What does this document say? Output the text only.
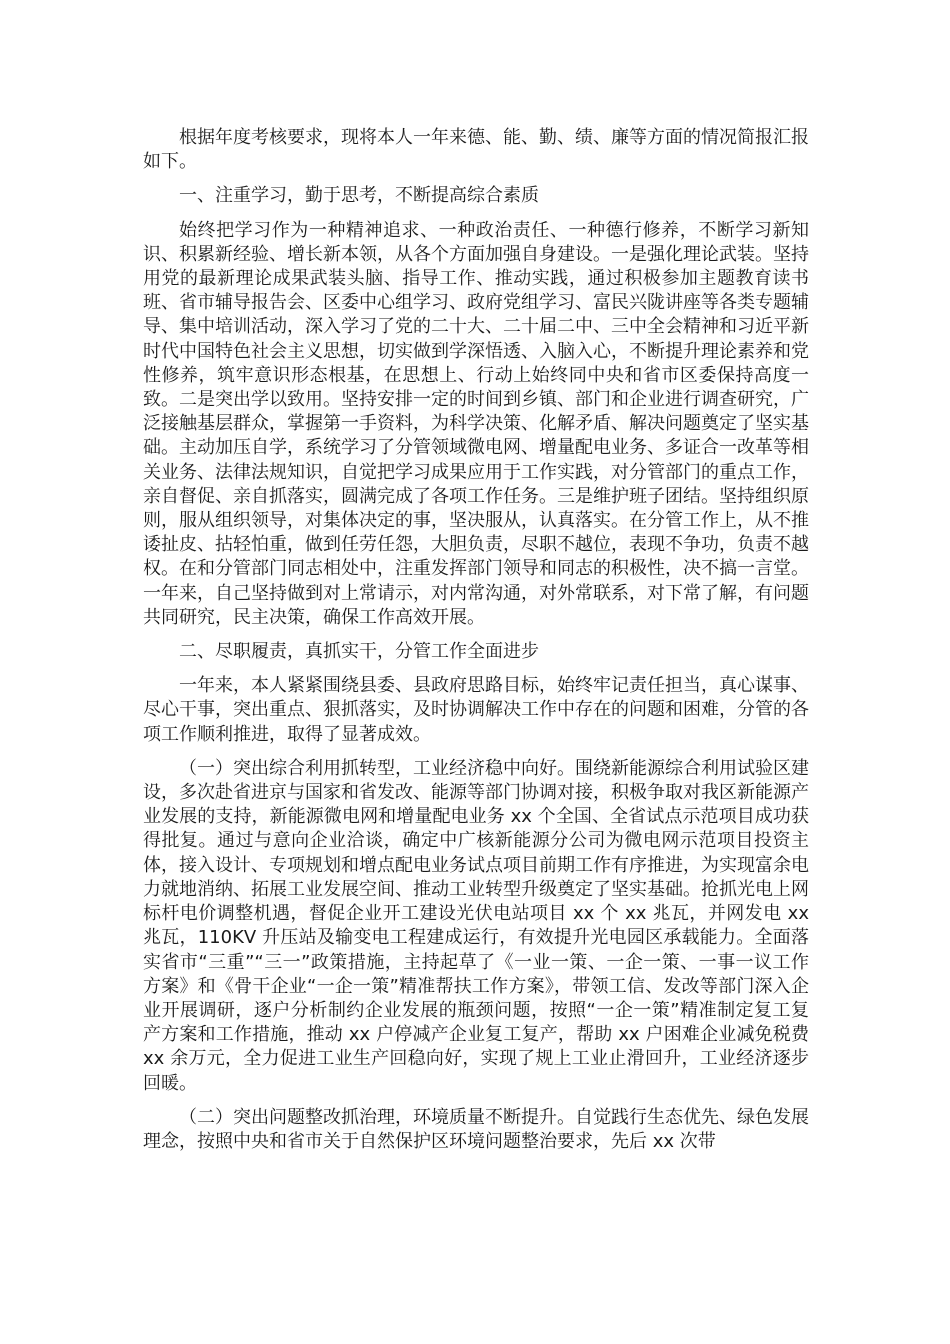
根据年度考核要求，现将本人一年来德、能、勤、绩、廉等方面的情况简报汇报如下。

一、注重学习，勤于思考，不断提高综合素质

始终把学习作为一种精神追求、一种政治责任、一种德行修养，不断学习新知识、积累新经验、增长新本领，从各个方面加强自身建设。一是强化理论武装。坚持用党的最新理论成果武装头脑、指导工作、推动实践，通过积极参加主题教育读书班、省市辅导报告会、区委中心组学习、政府党组学习、富民兴陇讲座等各类专题辅导、集中培训活动，深入学习了党的二十大、二十届二中、三中全会精神和习近平新时代中国特色社会主义思想，切实做到学深悟透、入脑入心，不断提升理论素养和党性修养，筑牢意识形态根基，在思想上、行动上始终同中央和省市区委保持高度一致。二是突出学以致用。坚持安排一定的时间到乡镇、部门和企业进行调查研究，广泛接触基层群众，掌握第一手资料，为科学决策、化解矛盾、解决问题奠定了坚实基础。主动加压自学，系统学习了分管领域微电网、增量配电业务、多证合一改革等相关业务、法律法规知识，自觉把学习成果应用于工作实践，对分管部门的重点工作，亲自督促、亲自抓落实，圆满完成了各项工作任务。三是维护班子团结。坚持组织原则，服从组织领导，对集体决定的事，坚决服从，认真落实。在分管工作上，从不推诿扯皮、拈轻怕重，做到任劳任怨，大胆负责，尽职不越位，表现不争功，负责不越权。在和分管部门同志相处中，注重发挥部门领导和同志的积极性，决不搞一言堂。一年来，自己坚持做到对上常请示，对内常沟通，对外常联系，对下常了解，有问题共同研究，民主决策，确保工作高效开展。

二、尽职履责，真抓实干，分管工作全面进步

一年来，本人紧紧围绕县委、县政府思路目标，始终牢记责任担当，真心谋事、尽心干事，突出重点、狠抓落实，及时协调解决工作中存在的问题和困难，分管的各项工作顺利推进，取得了显著成效。

（一）突出综合利用抓转型，工业经济稳中向好。围绕新能源综合利用试验区建设，多次赴省进京与国家和省发改、能源等部门协调对接，积极争取对我区新能源产业发展的支持，新能源微电网和增量配电业务 xx 个全国、全省试点示范项目成功获得批复。通过与意向企业洽谈，确定中广核新能源分公司为微电网示范项目投资主体，接入设计、专项规划和增点配电业务试点项目前期工作有序推进，为实现富余电力就地消纳、拓展工业发展空间、推动工业转型升级奠定了坚实基础。抢抓光电上网标杆电价调整机遇，督促企业开工建设光伏电站项目 xx 个 xx 兆瓦，并网发电 xx 兆瓦，110KV 升压站及输变电工程建成运行，有效提升光电园区承载能力。全面落实省市“三重”“三一”政策措施，主持起草了《一业一策、一企一策、一事一议工作方案》和《骨干企业“一企一策”精准帮扶工作方案》，带领工信、发改等部门深入企业开展调研，逐户分析制约企业发展的瓶颈问题，按照“一企一策”精准制定复工复产方案和工作措施，推动 xx 户停减产企业复工复产，帮助 xx 户困难企业减免税费 xx 余万元，全力促进工业生产回稳向好，实现了规上工业止滑回升，工业经济逐步回暖。

（二）突出问题整改抓治理，环境质量不断提升。自觉践行生态优先、绿色发展理念，按照中央和省市关于自然保护区环境问题整治要求，先后 xx 次带
